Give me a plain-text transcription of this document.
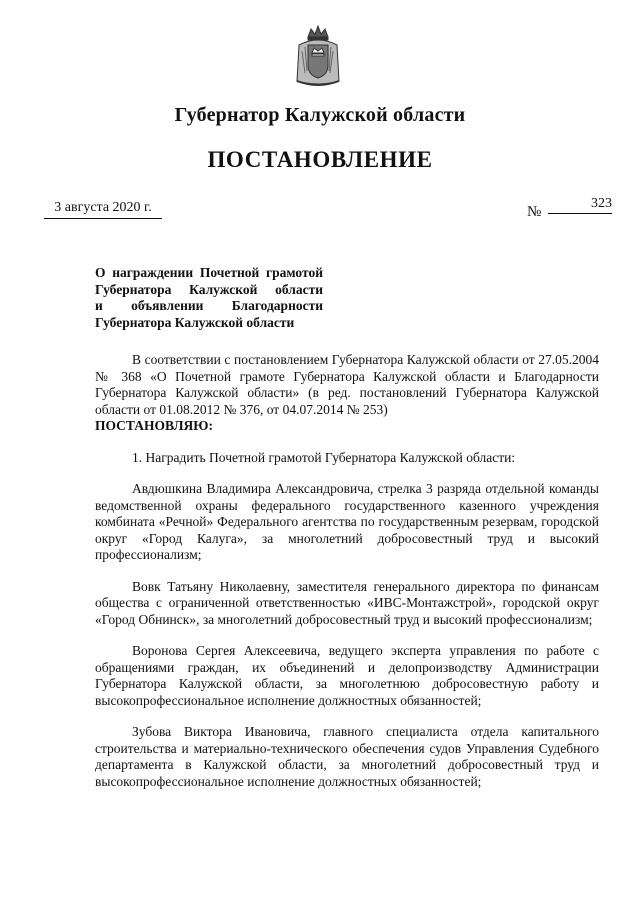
Губернатор Калужской области
ПОСТАНОВЛЕНИЕ
3 августа 2020 г.	№
323
О награждении Почетной грамотой
Губернатора Калужской области
и объявлении Благодарности
Губернатора Калужской области

В соответствии с постановлением Губернатора Калужской области от 27.05.2004 № 368 «О Почетной грамоте Губернатора Калужской области и Благодарности Губернатора Калужской области» (в ред. постановлений Губернатора Калужской области от 01.08.2012 № 376, от 04.07.2014 № 253)

ПОСТАНОВЛЯЮ:

1. Наградить Почетной грамотой Губернатора Калужской области:

Авдюшкина Владимира Александровича, стрелка 3 разряда отдельной команды ведомственной охраны федерального государственного казенного учреждения комбината «Речной» Федерального агентства по государственным резервам, городской округ «Город Калуга», за многолетний добросовестный труд и высокий профессионализм;

Вовк Татьяну Николаевну, заместителя генерального директора по финансам общества с ограниченной ответственностью «ИВС-Монтажстрой», городской округ «Город Обнинск», за многолетний добросовестный труд и высокий профессионализм;

Воронова Сергея Алексеевича, ведущего эксперта управления по работе с обращениями граждан, их объединений и делопроизводству Администрации Губернатора Калужской области, за многолетнюю добросовестную работу и высокопрофессиональное исполнение должностных обязанностей;

Зубова Виктора Ивановича, главного специалиста отдела капитального строительства и материально-технического обеспечения судов Управления Судебного департамента в Калужской области, за многолетний добросовестный труд и высокопрофессиональное исполнение должностных обязанностей;
